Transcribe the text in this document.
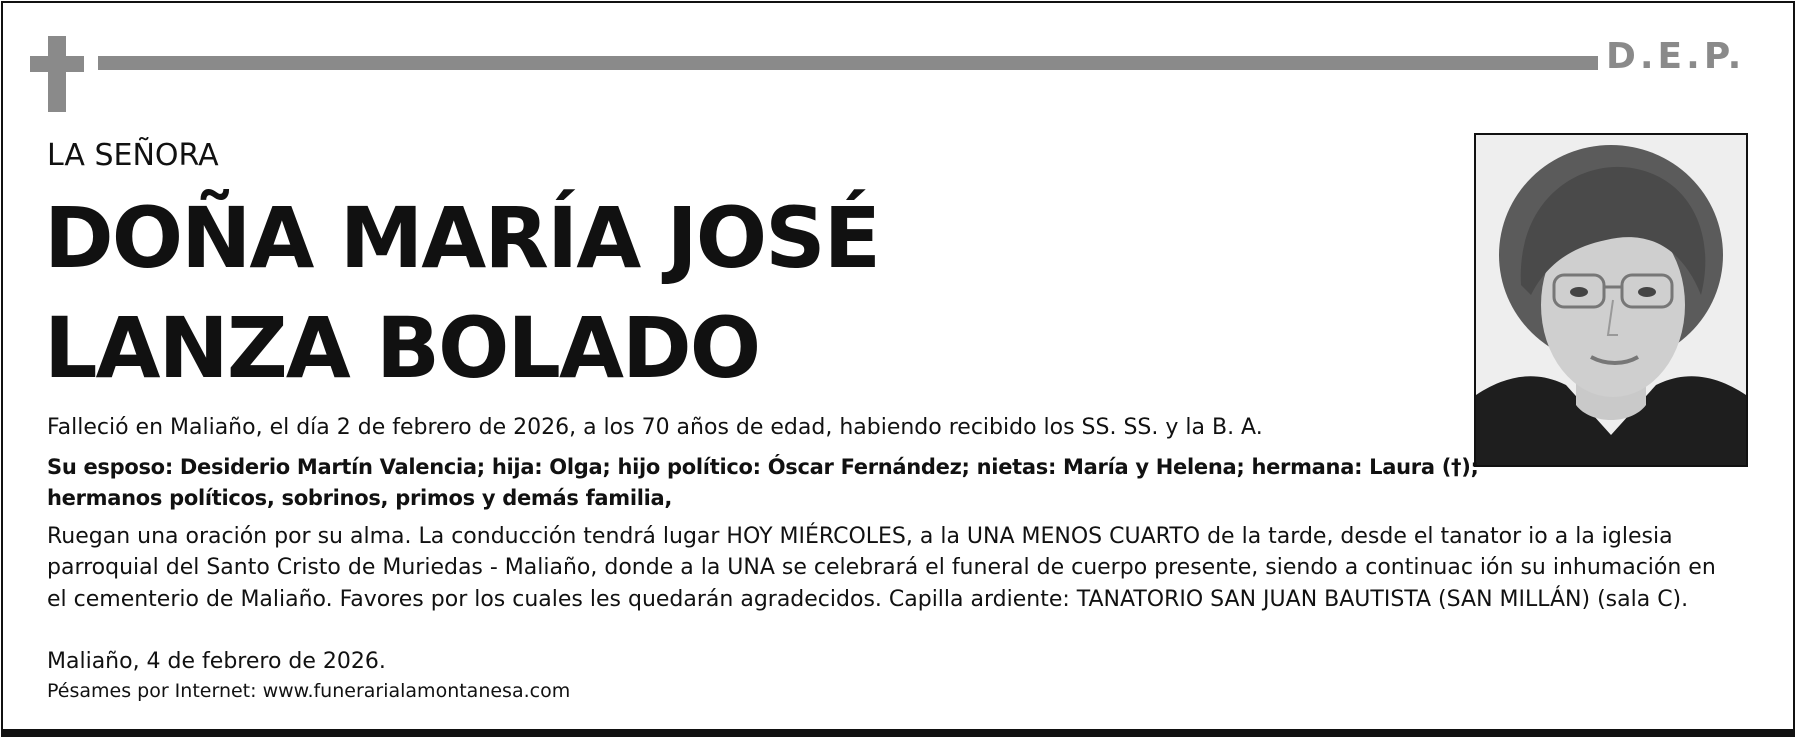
D.E.P.
LA SEÑORA
DOÑA MARÍA JOSÉ
LANZA BOLADO
Falleció en Maliaño, el día 2 de febrero de 2026, a los 70 años de edad, habiendo recibido los SS. SS. y la B. A.
Su esposo: Desiderio Martín Valencia; hija: Olga; hijo político: Óscar Fernández; nietas: María y Helena; hermana: Laura (†);
hermanos políticos, sobrinos, primos y demás familia,
Ruegan una oración por su alma. La conducción tendrá lugar HOY MIÉRCOLES, a la UNA MENOS CUARTO de la tarde, desde el tanator io a la iglesia
parroquial del Santo Cristo de Muriedas - Maliaño, donde a la UNA se celebrará el funeral de cuerpo presente, siendo a continuac ión su inhumación en
el cementerio de Maliaño. Favores por los cuales les quedarán agradecidos. Capilla ardiente: TANATORIO SAN JUAN BAUTISTA (SAN MILLÁN) (sala C).
Maliaño, 4 de febrero de 2026.
Pésames por Internet: www.funerarialamontanesa.com
